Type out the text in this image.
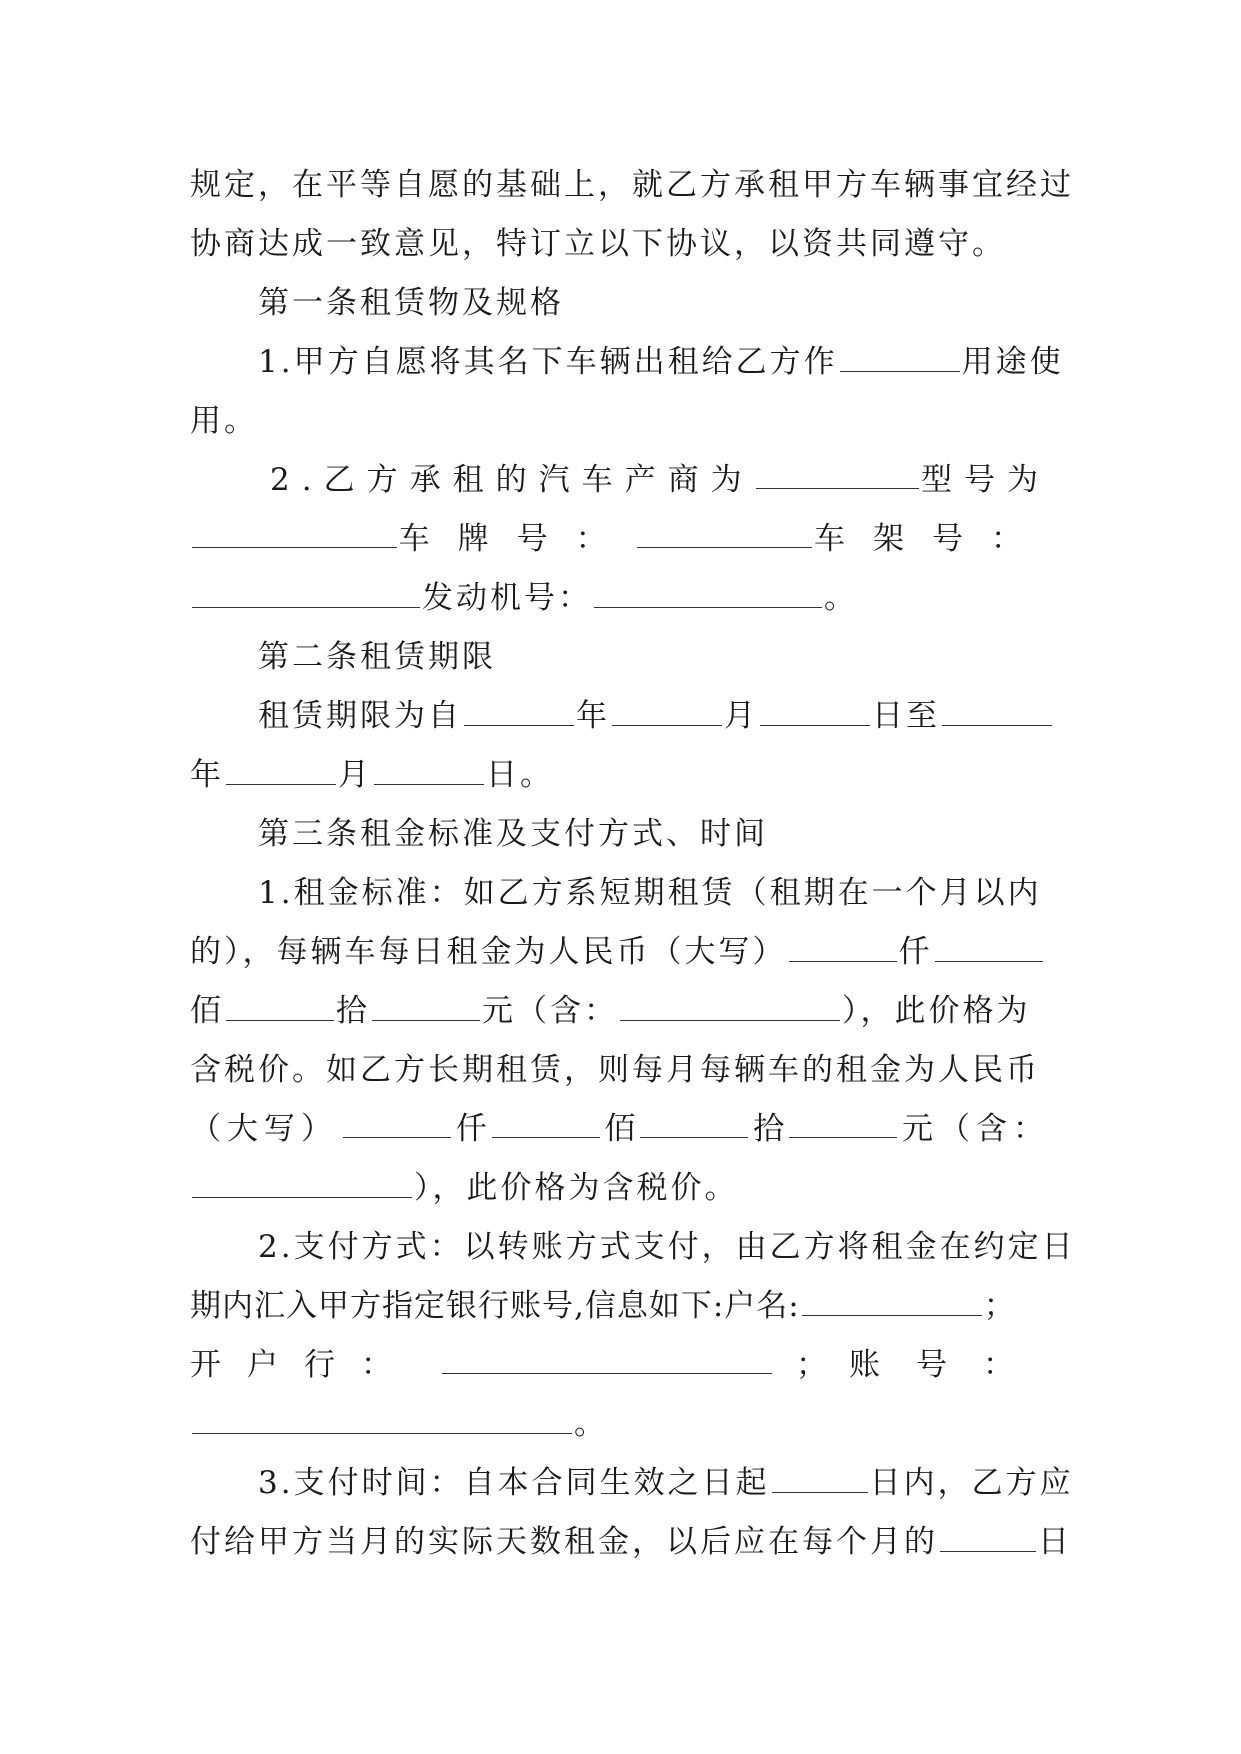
规定，在平等自愿的基础上，就乙方承租甲方车辆事宜经过
协商达成一致意见，特订立以下协议，以资共同遵守。
第一条租赁物及规格
1.甲方自愿将其名下车辆出租给乙方作	用途使
用。
2.乙方承租的汽车产商为	型号为
车牌号：	车架号：
发动机号：	。
第二条租赁期限
租赁期限为自	年	月	日至
年	月	日。
第三条租金标准及支付方式、时间
1.租金标准：如乙方系短期租赁（租期在一个月以内
的），每辆车每日租金为人民币（大写）	仟
佰	拾	元（含：	），此价格为
含税价。如乙方长期租赁，则每月每辆车的租金为人民币
（大写）	仟	佰	拾	元（含：
），此价格为含税价。
2.支付方式：以转账方式支付，由乙方将租金在约定日
期内汇入甲方指定银行账号,信息如下:户名:	；
开户行：	； 账号：
。
3.支付时间：自本合同生效之日起	日内，乙方应
付给甲方当月的实际天数租金，以后应在每个月的	日
